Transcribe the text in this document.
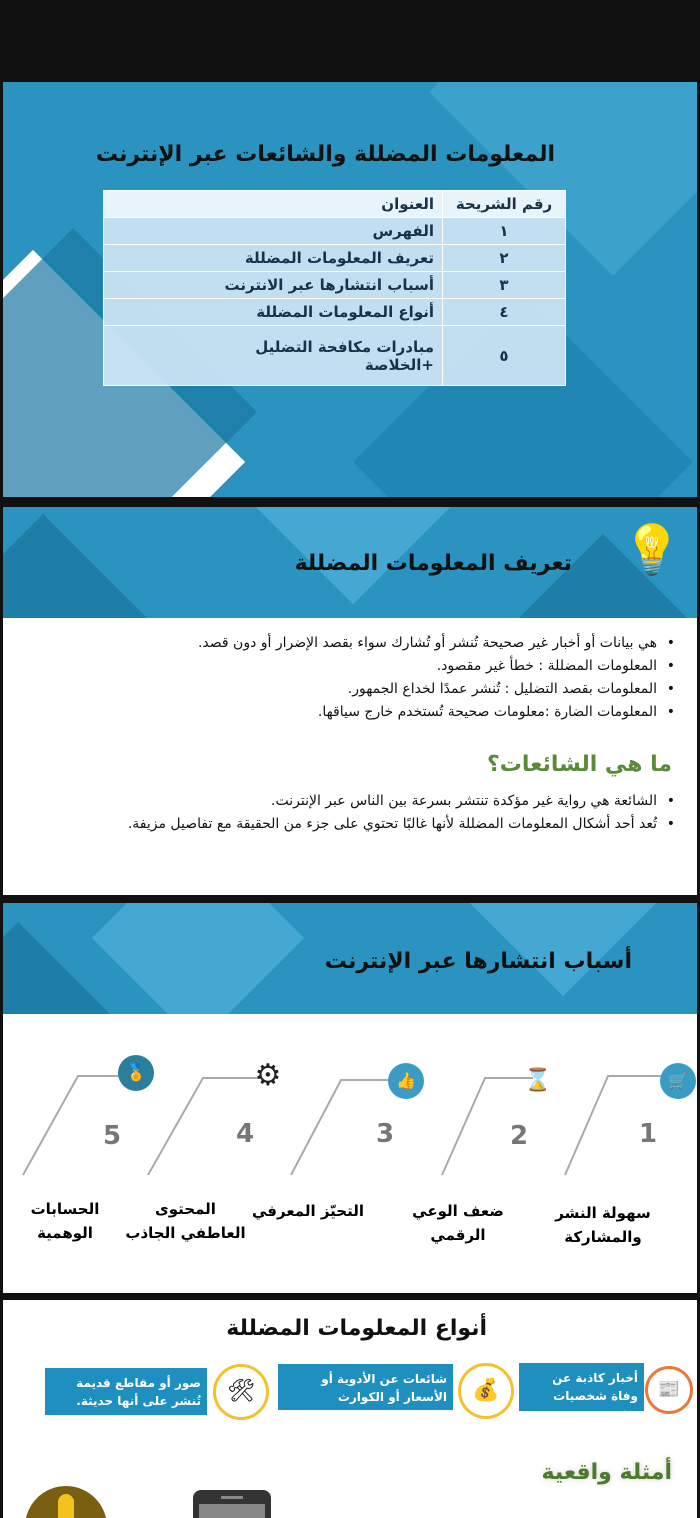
المعلومات المضللة والشائعات عبر الإنترنت
رقم الشريحة	العنوان
١	الفهرس
٢	تعريف المعلومات المضللة
٣	أسباب انتشارها عبر الانترنت
٤	أنواع المعلومات المضللة
٥	مبادرات مكافحة التضليل +الخلاصة
تعريف المعلومات المضللة 💡
• هي بيانات أو أخبار غير صحيحة تُنشر أو تُشارك سواء بقصد الإضرار أو دون قصد.
• المعلومات المضللة : خطأ غير مقصود.
• المعلومات بقصد التضليل : تُنشر عمدًا لخداع الجمهور.
• المعلومات الضارة :معلومات صحيحة تُستخدم خارج سياقها.
ما هي الشائعات؟
• الشائعة هي رواية غير مؤكدة تنتشر بسرعة بين الناس عبر الإنترنت.
• تُعد أحد أشكال المعلومات المضللة لأنها غالبًا تحتوي على جزء من الحقيقة مع تفاصيل مزيفة.
أسباب انتشارها عبر الإنترنت
🛒
⌛
👍
⚙
🏅
1
2
3
4
5
سهولة النشر والمشاركة
ضعف الوعي الرقمي
التحيّز المعرفي
المحتوى العاطفي الجاذب
الحسابات الوهمية
أنواع المعلومات المضللة
📰
أخبار كاذبة عن وفاة شخصيات مشهورة.
💰
شائعات عن الأدوية أو الأسعار أو الكوارث
🛠
صور أو مقاطع قديمة تُنشر على أنها حديثة.
أمثلة واقعية
